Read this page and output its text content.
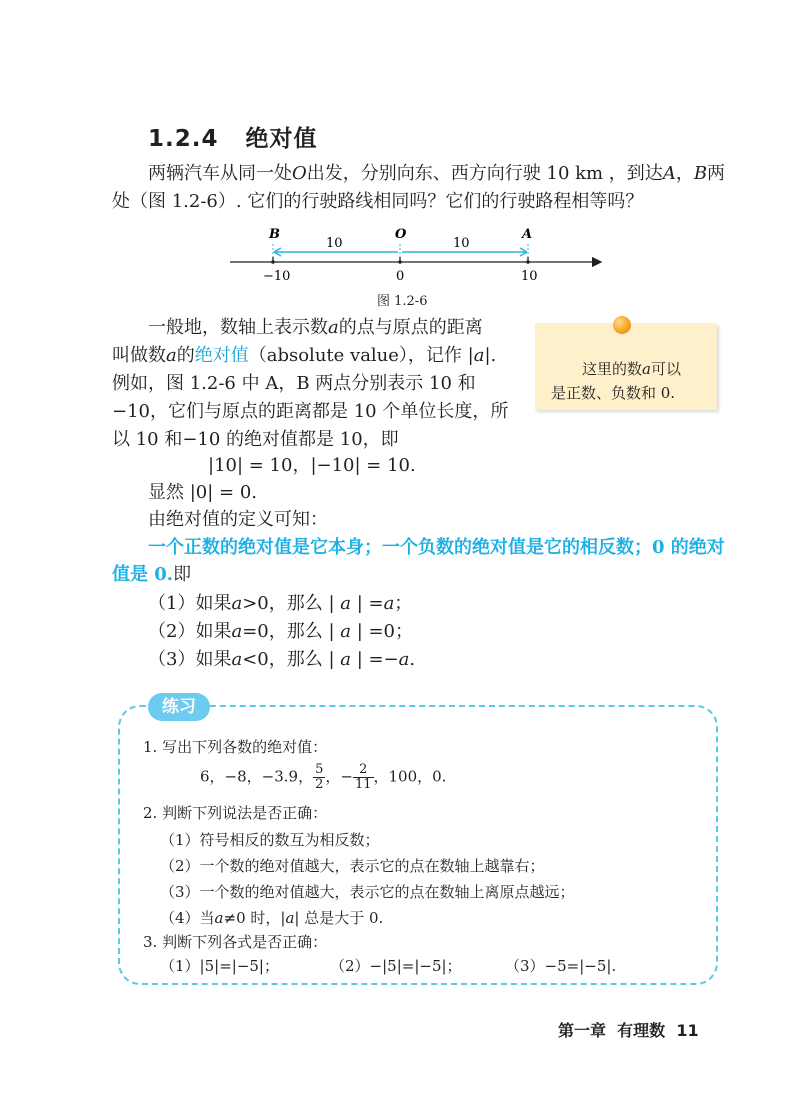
1.2.4 绝对值
两辆汽车从同一处O出发，分别向东、西方向行驶 10 km ，到达A，B两
处（图 1.2-6）. 它们的行驶路线相同吗？它们的行驶路程相等吗？
B	O	A
10	10
−10	0	10
图 1.2-6
一般地，数轴上表示数a的点与原点的距离
叫做数a的绝对值（absolute value），记作 |a|.
例如，图 1.2-6 中 A，B 两点分别表示 10 和
−10，它们与原点的距离都是 10 个单位长度，所
以 10 和−10 的绝对值都是 10，即
|10| = 10，|−10| = 10.
显然 |0| = 0.
由绝对值的定义可知：
一个正数的绝对值是它本身；一个负数的绝对值是它的相反数；0 的绝对
值是 0.即
（1）如果a>0，那么 | a | =a；
（2）如果a=0，那么 | a | =0；
（3）如果a<0，那么 | a | =−a.
这里的数a可以
是正数、负数和 0.
练习
1. 写出下列各数的绝对值：
6，−8，−3.9， $\frac{5}{2}$ ，− $\frac{2}{11}$ ，100，0.
2. 判断下列说法是否正确：
（1）符号相反的数互为相反数；
（2）一个数的绝对值越大，表示它的点在数轴上越靠右；
（3）一个数的绝对值越大，表示它的点在数轴上离原点越远；
（4）当a≠0 时，|a| 总是大于 0.
3. 判断下列各式是否正确：
（1）|5|=|−5|；	（2）−|5|=|−5|；	（3）−5=|−5|.
第一章 有理数 11
